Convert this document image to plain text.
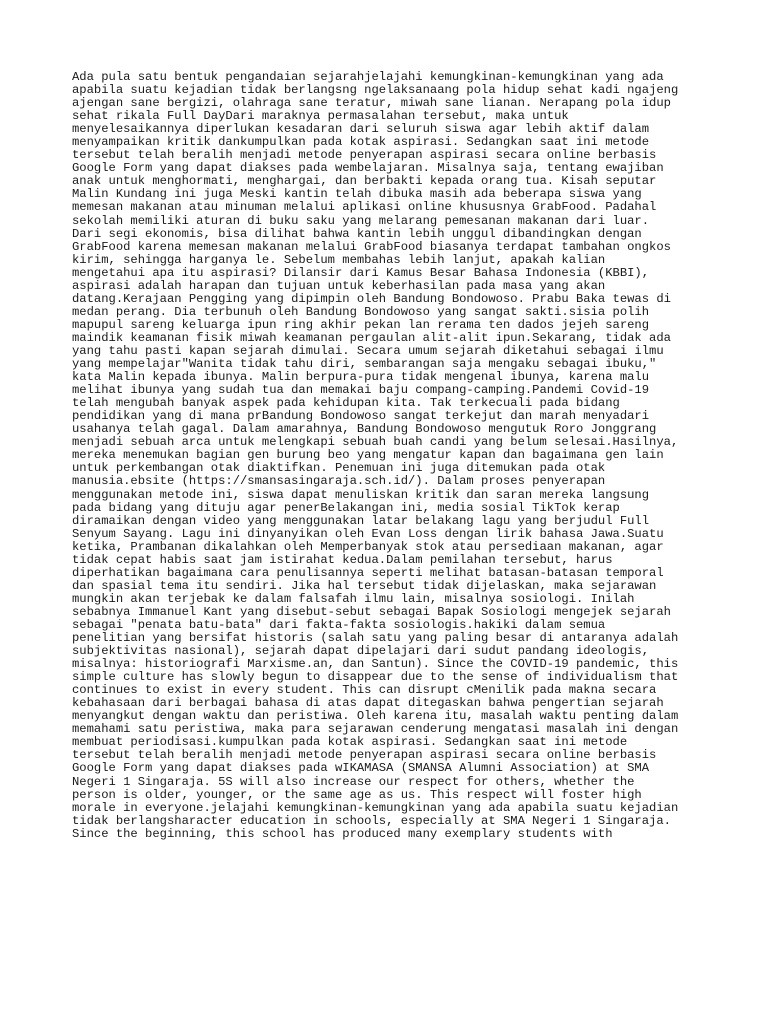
Ada pula satu bentuk pengandaian sejarahjelajahi kemungkinan-kemungkinan yang ada
apabila suatu kejadian tidak berlangsng ngelaksanaang pola hidup sehat kadi ngajeng
ajengan sane bergizi, olahraga sane teratur, miwah sane lianan. Nerapang pola idup
sehat rikala Full DayDari maraknya permasalahan tersebut, maka untuk
menyelesaikannya diperlukan kesadaran dari seluruh siswa agar lebih aktif dalam
menyampaikan kritik dankumpulkan pada kotak aspirasi. Sedangkan saat ini metode
tersebut telah beralih menjadi metode penyerapan aspirasi secara online berbasis
Google Form yang dapat diakses pada wembelajaran. Misalnya saja, tentang ewajiban
anak untuk menghormati, menghargai, dan berbakti kepada orang tua. Kisah seputar
Malin Kundang ini juga Meski kantin telah dibuka masih ada beberapa siswa yang
memesan makanan atau minuman melalui aplikasi online khususnya GrabFood. Padahal
sekolah memiliki aturan di buku saku yang melarang pemesanan makanan dari luar.
Dari segi ekonomis, bisa dilihat bahwa kantin lebih unggul dibandingkan dengan
GrabFood karena memesan makanan melalui GrabFood biasanya terdapat tambahan ongkos
kirim, sehingga harganya le. Sebelum membahas lebih lanjut, apakah kalian
mengetahui apa itu aspirasi? Dilansir dari Kamus Besar Bahasa Indonesia (KBBI),
aspirasi adalah harapan dan tujuan untuk keberhasilan pada masa yang akan
datang.Kerajaan Pengging yang dipimpin oleh Bandung Bondowoso. Prabu Baka tewas di
medan perang. Dia terbunuh oleh Bandung Bondowoso yang sangat sakti.sisia polih
mapupul sareng keluarga ipun ring akhir pekan lan rerama ten dados jejeh sareng
maindik keamanan fisik miwah keamanan pergaulan alit-alit ipun.Sekarang, tidak ada
yang tahu pasti kapan sejarah dimulai. Secara umum sejarah diketahui sebagai ilmu
yang mempelajar"Wanita tidak tahu diri, sembarangan saja mengaku sebagai ibuku,"
kata Malin kepada ibunya. Malin berpura-pura tidak mengenal ibunya, karena malu
melihat ibunya yang sudah tua dan memakai baju compang-camping.Pandemi Covid-19
telah mengubah banyak aspek pada kehidupan kita. Tak terkecuali pada bidang
pendidikan yang di mana prBandung Bondowoso sangat terkejut dan marah menyadari
usahanya telah gagal. Dalam amarahnya, Bandung Bondowoso mengutuk Roro Jonggrang
menjadi sebuah arca untuk melengkapi sebuah buah candi yang belum selesai.Hasilnya,
mereka menemukan bagian gen burung beo yang mengatur kapan dan bagaimana gen lain
untuk perkembangan otak diaktifkan. Penemuan ini juga ditemukan pada otak
manusia.ebsite (https://smansasingaraja.sch.id/). Dalam proses penyerapan
menggunakan metode ini, siswa dapat menuliskan kritik dan saran mereka langsung
pada bidang yang dituju agar penerBelakangan ini, media sosial TikTok kerap
diramaikan dengan video yang menggunakan latar belakang lagu yang berjudul Full
Senyum Sayang. Lagu ini dinyanyikan oleh Evan Loss dengan lirik bahasa Jawa.Suatu
ketika, Prambanan dikalahkan oleh Memperbanyak stok atau persediaan makanan, agar
tidak cepat habis saat jam istirahat kedua.Dalam pemilahan tersebut, harus
diperhatikan bagaimana cara penulisannya seperti melihat batasan-batasan temporal
dan spasial tema itu sendiri. Jika hal tersebut tidak dijelaskan, maka sejarawan
mungkin akan terjebak ke dalam falsafah ilmu lain, misalnya sosiologi. Inilah
sebabnya Immanuel Kant yang disebut-sebut sebagai Bapak Sosiologi mengejek sejarah
sebagai "penata batu-bata" dari fakta-fakta sosiologis.hakiki dalam semua
penelitian yang bersifat historis (salah satu yang paling besar di antaranya adalah
subjektivitas nasional), sejarah dapat dipelajari dari sudut pandang ideologis,
misalnya: historiografi Marxisme.an, dan Santun). Since the COVID-19 pandemic, this
simple culture has slowly begun to disappear due to the sense of individualism that
continues to exist in every student. This can disrupt cMenilik pada makna secara
kebahasaan dari berbagai bahasa di atas dapat ditegaskan bahwa pengertian sejarah
menyangkut dengan waktu dan peristiwa. Oleh karena itu, masalah waktu penting dalam
memahami satu peristiwa, maka para sejarawan cenderung mengatasi masalah ini dengan
membuat periodisasi.kumpulkan pada kotak aspirasi. Sedangkan saat ini metode
tersebut telah beralih menjadi metode penyerapan aspirasi secara online berbasis
Google Form yang dapat diakses pada wIKAMASA (SMANSA Alumni Association) at SMA
Negeri 1 Singaraja. 5S will also increase our respect for others, whether the
person is older, younger, or the same age as us. This respect will foster high
morale in everyone.jelajahi kemungkinan-kemungkinan yang ada apabila suatu kejadian
tidak berlangsharacter education in schools, especially at SMA Negeri 1 Singaraja.
Since the beginning, this school has produced many exemplary students with
